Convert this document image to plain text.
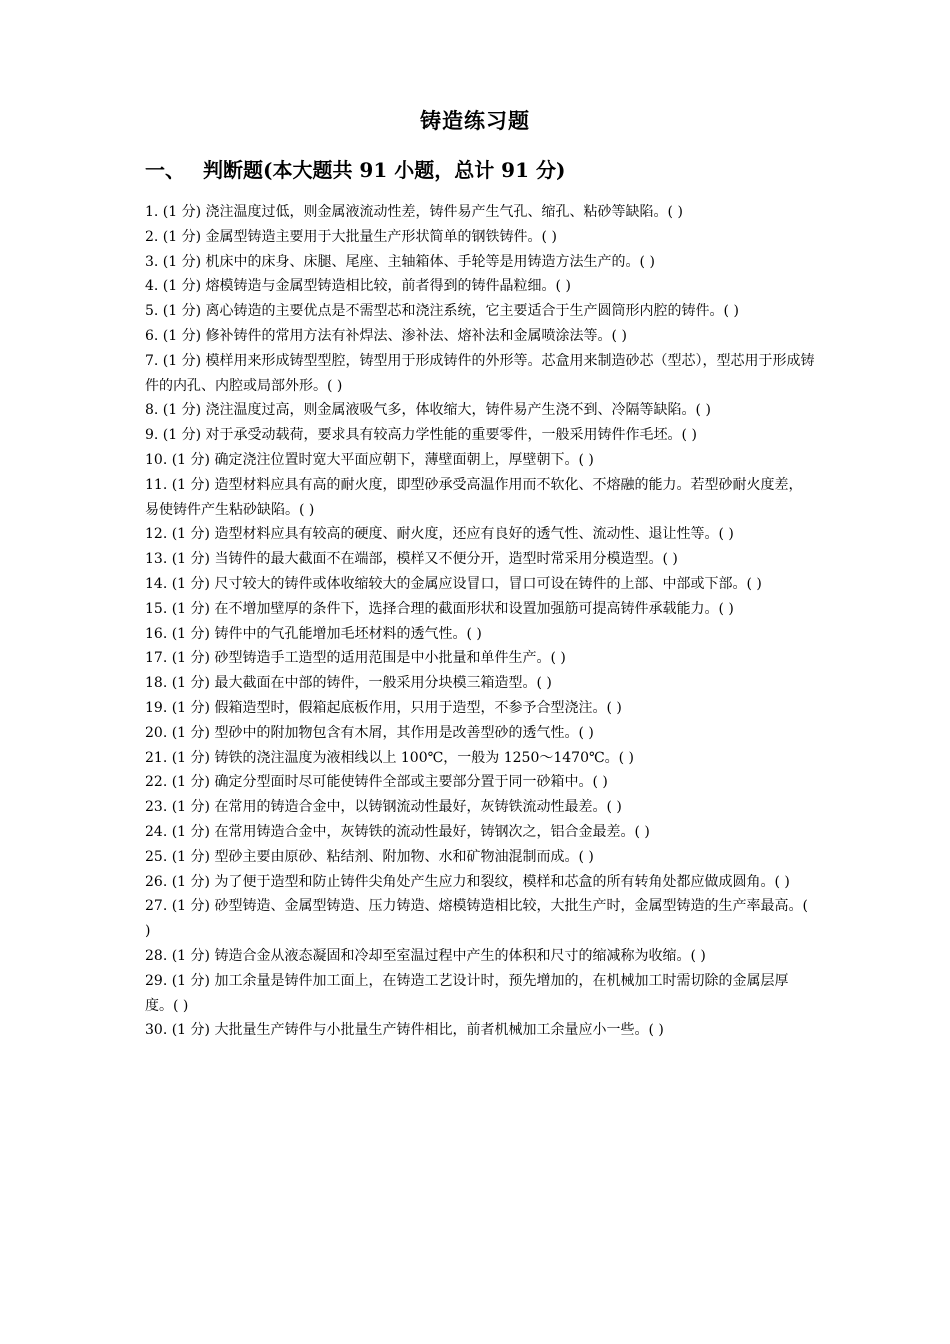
铸造练习题
一、 判断题(本大题共 91 小题，总计 91 分)
1. (1 分) 浇注温度过低，则金属液流动性差，铸件易产生气孔、缩孔、粘砂等缺陷。( )
2. (1 分) 金属型铸造主要用于大批量生产形状简单的钢铁铸件。( )
3. (1 分) 机床中的床身、床腿、尾座、主轴箱体、手轮等是用铸造方法生产的。( )
4. (1 分) 熔模铸造与金属型铸造相比较，前者得到的铸件晶粒细。( )
5. (1 分) 离心铸造的主要优点是不需型芯和浇注系统，它主要适合于生产圆筒形内腔的铸件。( )
6. (1 分) 修补铸件的常用方法有补焊法、渗补法、熔补法和金属喷涂法等。( )
7. (1 分) 模样用来形成铸型型腔，铸型用于形成铸件的外形等。芯盒用来制造砂芯（型芯），型芯用于形成铸件的内孔、内腔或局部外形。( )
8. (1 分) 浇注温度过高，则金属液吸气多，体收缩大，铸件易产生浇不到、冷隔等缺陷。( )
9. (1 分) 对于承受动载荷，要求具有较高力学性能的重要零件，一般采用铸件作毛坯。( )
10. (1 分) 确定浇注位置时宽大平面应朝下，薄壁面朝上，厚壁朝下。( )
11. (1 分) 造型材料应具有高的耐火度，即型砂承受高温作用而不软化、不熔融的能力。若型砂耐火度差，易使铸件产生粘砂缺陷。( )
12. (1 分) 造型材料应具有较高的硬度、耐火度，还应有良好的透气性、流动性、退让性等。( )
13. (1 分) 当铸件的最大截面不在端部，模样又不便分开，造型时常采用分模造型。( )
14. (1 分) 尺寸较大的铸件或体收缩较大的金属应设冒口，冒口可设在铸件的上部、中部或下部。( )
15. (1 分) 在不增加壁厚的条件下，选择合理的截面形状和设置加强筋可提高铸件承载能力。( )
16. (1 分) 铸件中的气孔能增加毛坯材料的透气性。( )
17. (1 分) 砂型铸造手工造型的适用范围是中小批量和单件生产。( )
18. (1 分) 最大截面在中部的铸件，一般采用分块模三箱造型。( )
19. (1 分) 假箱造型时，假箱起底板作用，只用于造型，不参予合型浇注。( )
20. (1 分) 型砂中的附加物包含有木屑，其作用是改善型砂的透气性。( )
21. (1 分) 铸铁的浇注温度为液相线以上 100℃，一般为 1250～1470℃。( )
22. (1 分) 确定分型面时尽可能使铸件全部或主要部分置于同一砂箱中。( )
23. (1 分) 在常用的铸造合金中，以铸钢流动性最好，灰铸铁流动性最差。( )
24. (1 分) 在常用铸造合金中，灰铸铁的流动性最好，铸钢次之，铝合金最差。( )
25. (1 分) 型砂主要由原砂、粘结剂、附加物、水和矿物油混制而成。( )
26. (1 分) 为了便于造型和防止铸件尖角处产生应力和裂纹，模样和芯盒的所有转角处都应做成圆角。( )
27. (1 分) 砂型铸造、金属型铸造、压力铸造、熔模铸造相比较，大批生产时，金属型铸造的生产率最高。( )
28. (1 分) 铸造合金从液态凝固和冷却至室温过程中产生的体积和尺寸的缩减称为收缩。( )
29. (1 分) 加工余量是铸件加工面上，在铸造工艺设计时，预先增加的，在机械加工时需切除的金属层厚度。( )
30. (1 分) 大批量生产铸件与小批量生产铸件相比，前者机械加工余量应小一些。( )
